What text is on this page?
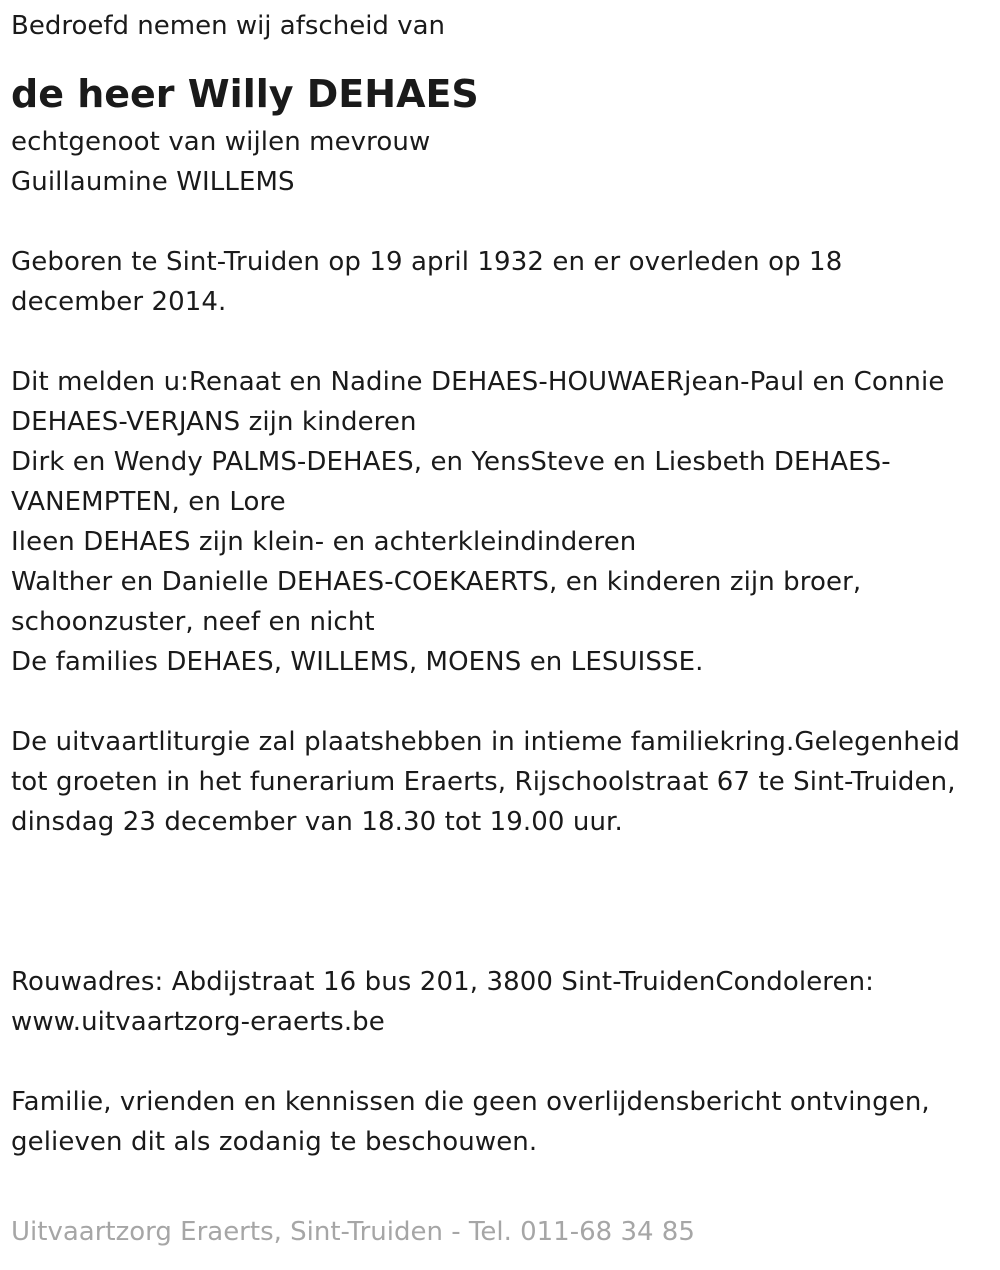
Bedroefd nemen wij afscheid van
de heer Willy DEHAES
echtgenoot van wijlen mevrouw
Guillaumine WILLEMS
Geboren te Sint-Truiden op 19 april 1932 en er overleden op 18
december 2014.
Dit melden u:Renaat en Nadine DEHAES-HOUWAERjean-Paul en Connie
DEHAES-VERJANS zijn kinderen
Dirk en Wendy PALMS-DEHAES, en YensSteve en Liesbeth DEHAES-
VANEMPTEN, en Lore
Ileen DEHAES zijn klein- en achterkleindinderen
Walther en Danielle DEHAES-COEKAERTS, en kinderen zijn broer,
schoonzuster, neef en nicht
De families DEHAES, WILLEMS, MOENS en LESUISSE.
De uitvaartliturgie zal plaatshebben in intieme familiekring.Gelegenheid
tot groeten in het funerarium Eraerts, Rijschoolstraat 67 te Sint-Truiden,
dinsdag 23 december van 18.30 tot 19.00 uur.
Rouwadres: Abdijstraat 16 bus 201, 3800 Sint-TruidenCondoleren:
www.uitvaartzorg-eraerts.be
Familie, vrienden en kennissen die geen overlijdensbericht ontvingen,
gelieven dit als zodanig te beschouwen.
Uitvaartzorg Eraerts, Sint-Truiden - Tel. 011-68 34 85
